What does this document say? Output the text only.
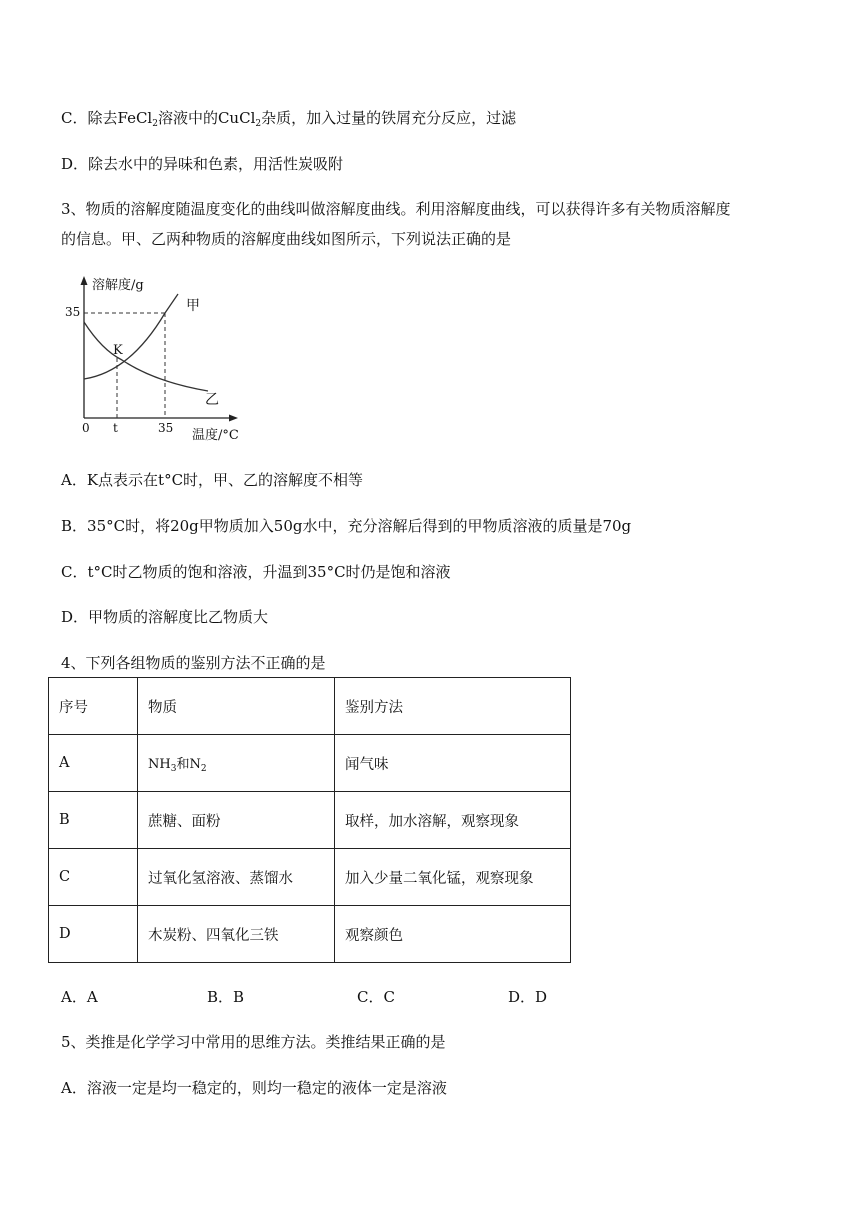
C．除去FeCl$_2$溶液中的CuCl$_2$杂质，加入过量的铁屑充分反应，过滤
D．除去水中的异味和色素，用活性炭吸附
3、物质的溶解度随温度变化的曲线叫做溶解度曲线。利用溶解度曲线，可以获得许多有关物质溶解度
的信息。甲、乙两种物质的溶解度曲线如图所示，下列说法正确的是
溶解度/g
温度/°C
35
0 t	35
K
甲
乙
A．K点表示在t°C时，甲、乙的溶解度不相等
B．35°C时，将20g甲物质加入50g水中，充分溶解后得到的甲物质溶液的质量是70g
C．t°C时乙物质的饱和溶液，升温到35°C时仍是饱和溶液
D．甲物质的溶解度比乙物质大
4、下列各组物质的鉴别方法不正确的是
序号	物质	鉴别方法
A	$NH_3$和$N_2$	闻气味
B	蔗糖、面粉	取样，加水溶解，观察现象
C	过氧化氢溶液、蒸馏水	加入少量二氧化锰，观察现象
D	木炭粉、四氧化三铁	观察颜色
A．A	B．B	C．C	D．D
5、类推是化学学习中常用的思维方法。类推结果正确的是
A．溶液一定是均一稳定的，则均一稳定的液体一定是溶液
